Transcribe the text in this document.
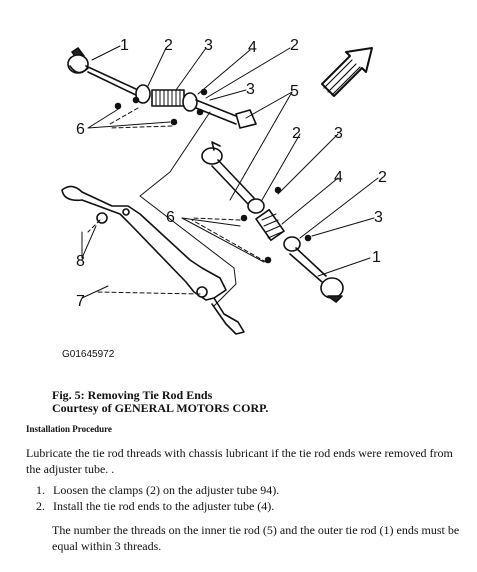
1 2 3 4 2
3 5
6	2 3
4 2
3
6
1
8
7
G01645972
Fig. 5: Removing Tie Rod Ends
Courtesy of GENERAL MOTORS CORP.
Installation Procedure
Lubricate the tie rod threads with chassis lubricant if the tie rod ends were removed from the adjuster tube. .
1. Loosen the clamps (2) on the adjuster tube 94).
2. Install the tie rod ends to the adjuster tube (4).
The number the threads on the inner tie rod (5) and the outer tie rod (1) ends must be equal within 3 threads.
